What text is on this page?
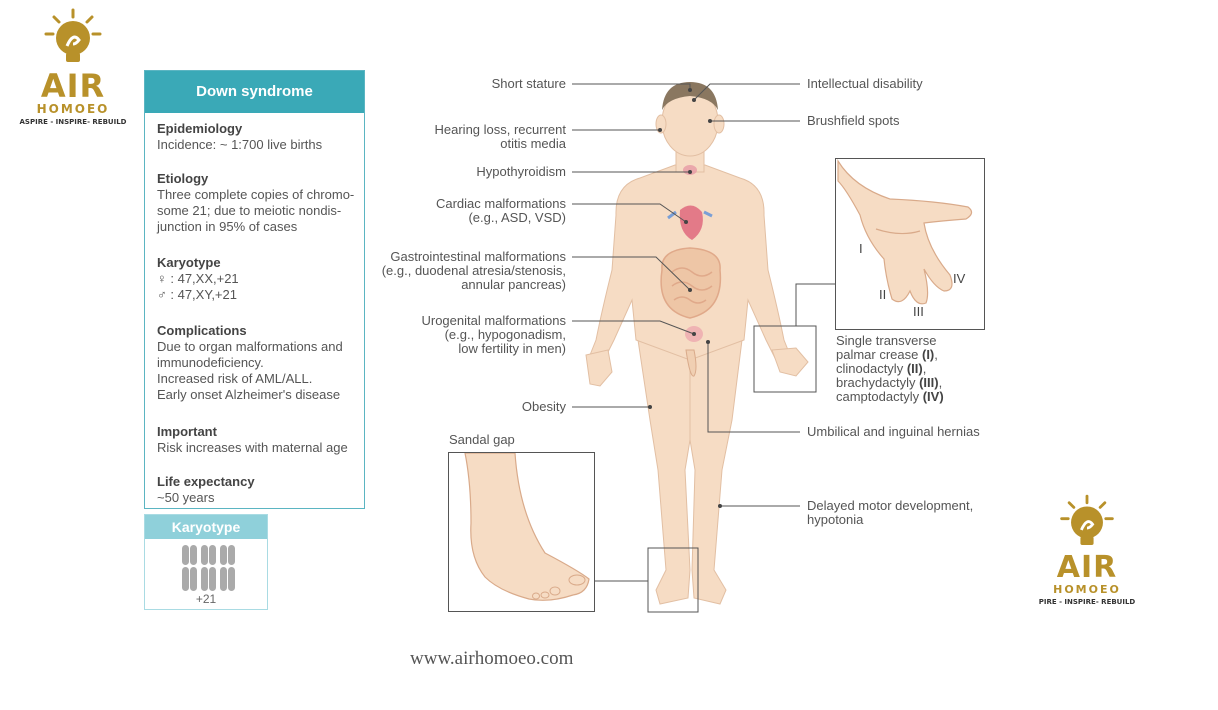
AIR
HOMOEO
ASPIRE - INSPIRE- REBUILD
AIR
HOMOEO
PIRE - INSPIRE- REBUILD
Down syndrome
Epidemiology
Incidence: ~ 1:700 live births
Etiology
Three complete copies of chromo-
some 21; due to meiotic nondis-
junction in 95% of cases
Karyotype
♀ : 47,XX,+21
♂ : 47,XY,+21
Complications
Due to organ malformations and
immunodeficiency.
Increased risk of AML/ALL.
Early onset Alzheimer's disease
Important
Risk increases with maternal age
Life expectancy
~50 years
Karyotype
+21
I
II
III
IV
Short stature
Hearing loss, recurrent
otitis media
Hypothyroidism
Cardiac malformations
(e.g., ASD, VSD)
Gastrointestinal malformations
(e.g., duodenal atresia/stenosis,
annular pancreas)
Urogenital malformations
(e.g., hypogonadism,
low fertility in men)
Obesity
Sandal gap
Intellectual disability
Brushfield spots
Single transverse
palmar crease (I),
clinodactyly (II),
brachydactyly (III),
camptodactyly (IV)
Umbilical and inguinal hernias
Delayed motor development,
hypotonia
www.airhomoeo.com
